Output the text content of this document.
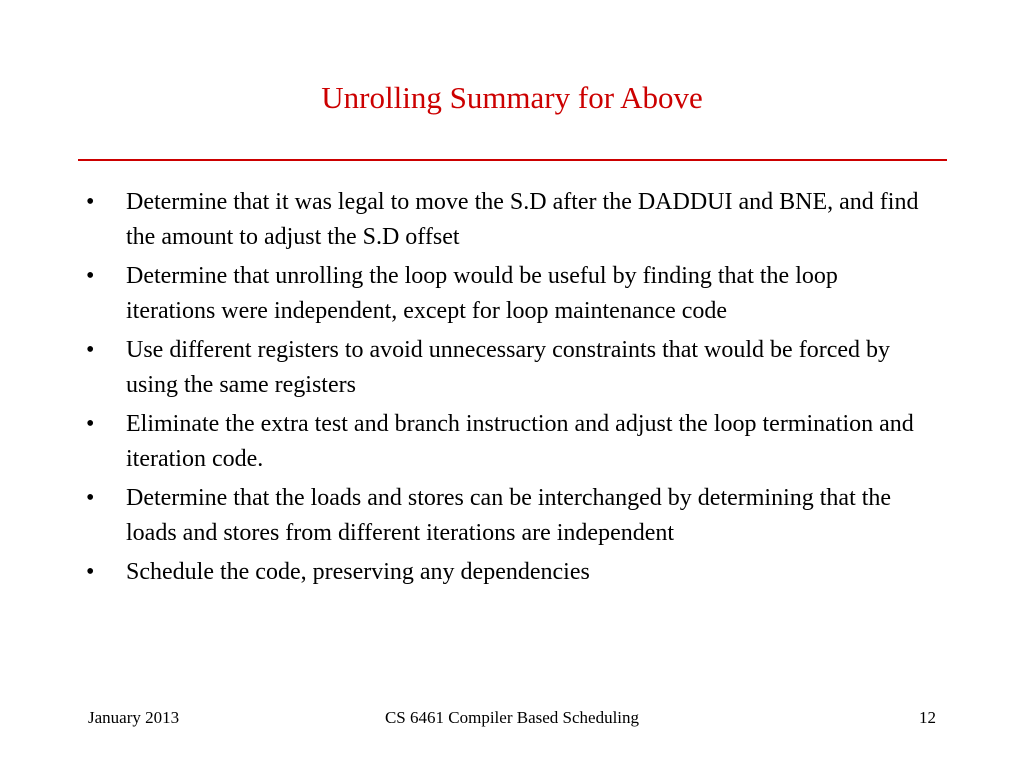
Unrolling Summary for Above
•	Determine that it was legal to move the S.D after the DADDUI and BNE, and find the amount to adjust the S.D offset
•	Determine that unrolling the loop would be useful by finding that the loop iterations were independent, except for loop maintenance code
•	Use different registers to avoid unnecessary constraints that would be forced by using the same registers
•	Eliminate the extra test and branch instruction and adjust the loop termination and iteration code.
•	Determine that the loads and stores can be interchanged by determining that the loads and stores from different iterations are independent
•	Schedule the code, preserving any dependencies
January 2013	CS 6461 Compiler Based Scheduling	12
